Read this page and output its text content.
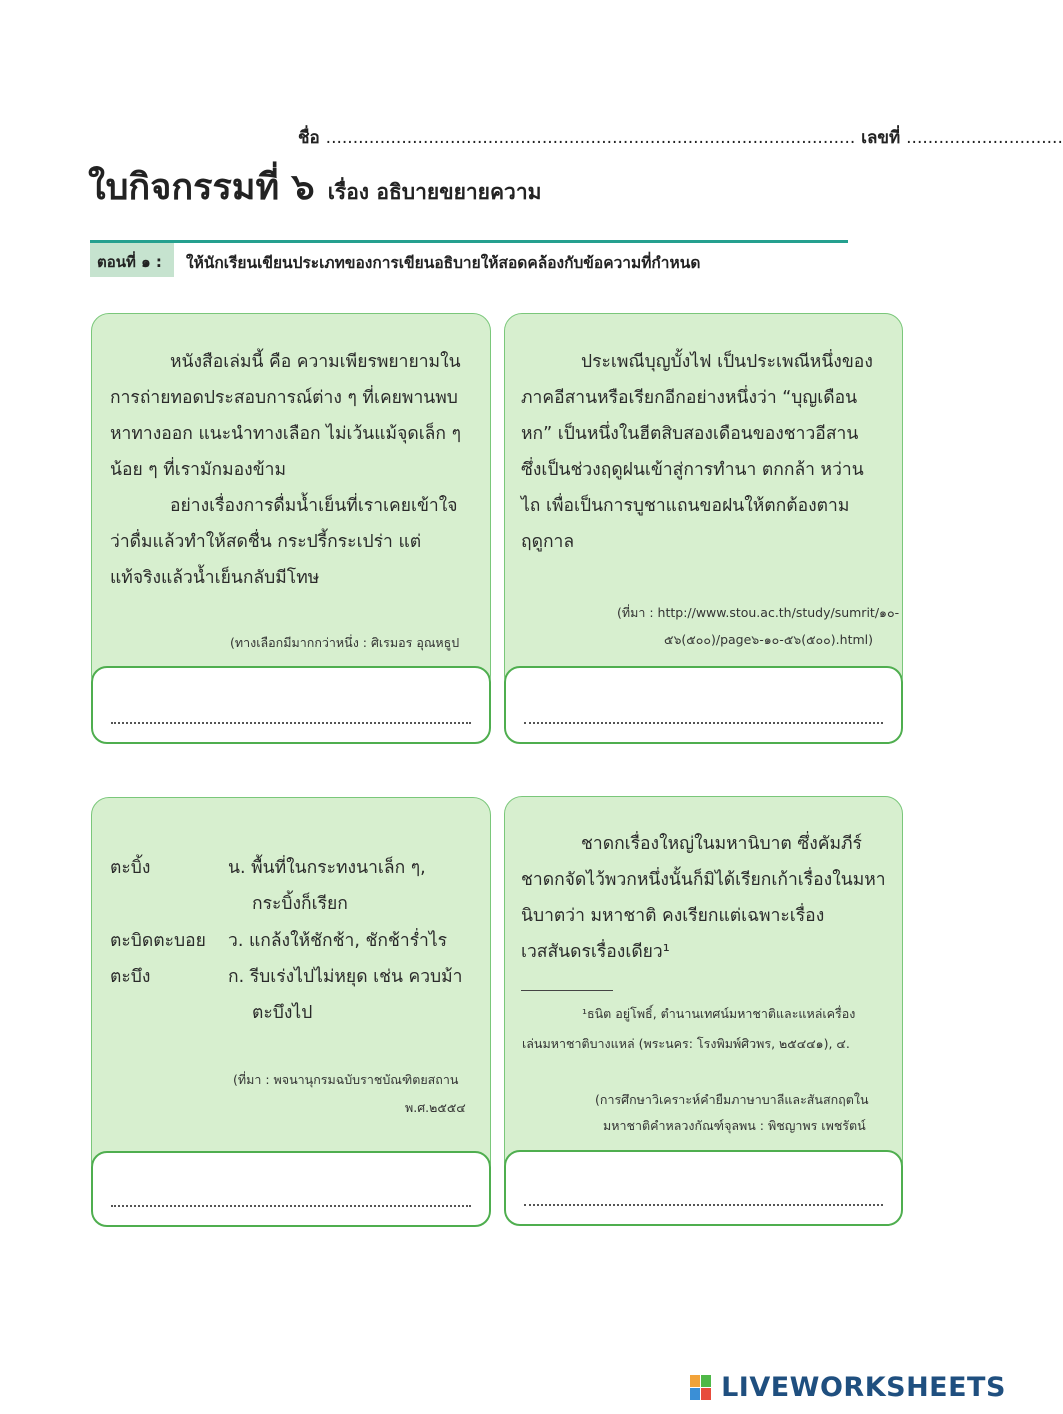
ชื่อ .................................................................................................. เลขที่ .............................
ใบกิจกรรมที่ ๖ เรื่อง อธิบายขยายความ
ตอนที่ ๑ : ให้นักเรียนเขียนประเภทของการเขียนอธิบายให้สอดคล้องกับข้อความที่กำหนด

หนังสือเล่มนี้ คือ ความเพียรพยายามใน

การถ่ายทอดประสอบการณ์ต่าง ๆ ที่เคยพานพบ

หาทางออก แนะนำทางเลือก ไม่เว้นแม้จุดเล็ก ๆ

น้อย ๆ ที่เรามักมองข้าม

อย่างเรื่องการดื่มน้ำเย็นที่เราเคยเข้าใจ

ว่าดื่มแล้วทำให้สดชื่น กระปรี้กระเปร่า แต่

แท้จริงแล้วน้ำเย็นกลับมีโทษ

(ทางเลือกมีมากกว่าหนึ่ง : ศิเรมอร อุณหธูป

ประเพณีบุญบั้งไฟ เป็นประเพณีหนึ่งของ

ภาคอีสานหรือเรียกอีกอย่างหนึ่งว่า “บุญเดือน

หก” เป็นหนึ่งในฮีตสิบสองเดือนของชาวอีสาน

ซึ่งเป็นช่วงฤดูฝนเข้าสู่การทำนา ตกกล้า หว่าน

ไถ เพื่อเป็นการบูชาแถนขอฝนให้ตกต้องตาม

ฤดูกาล

(ที่มา : http://www.stou.ac.th/study/sumrit/๑๐-
๕๖(๕๐๐)/page๖-๑๐-๕๖(๕๐๐).html)
ตะบิ้ง	น. พื้นที่ในกระทงนาเล็ก ๆ,
กระบิ้งก็เรียก
ตะบิดตะบอย ว. แกล้งให้ชักช้า, ชักช้าร่ำไร
ตะบึง	ก. รีบเร่งไปไม่หยุด เช่น ควบม้า
ตะบึงไป
(ที่มา : พจนานุกรมฉบับราชบัณฑิตยสถาน
พ.ศ.๒๕๕๔

ชาดกเรื่องใหญ่ในมหานิบาต ซึ่งคัมภีร์

ชาดกจัดไว้พวกหนึ่งนั้นก็มิได้เรียกเก้าเรื่องในมหา

นิบาตว่า มหาชาติ คงเรียกแต่เฉพาะเรื่อง

เวสสันดรเรื่องเดียว¹

¹ธนิต อยู่โพธิ์, ตำนานเทศน์มหาชาติและแหล่เครื่อง
เล่นมหาชาติบางแหล่ (พระนคร: โรงพิมพ์ศิวพร, ๒๕๔๔๑), ๔.
(การศึกษาวิเคราะห์คำยืมภาษาบาลีและสันสกฤตใน
มหาชาติคำหลวงกัณฑ์จุลพน : พิชญาพร เพชรัตน์
LIVEWORKSHEETS
